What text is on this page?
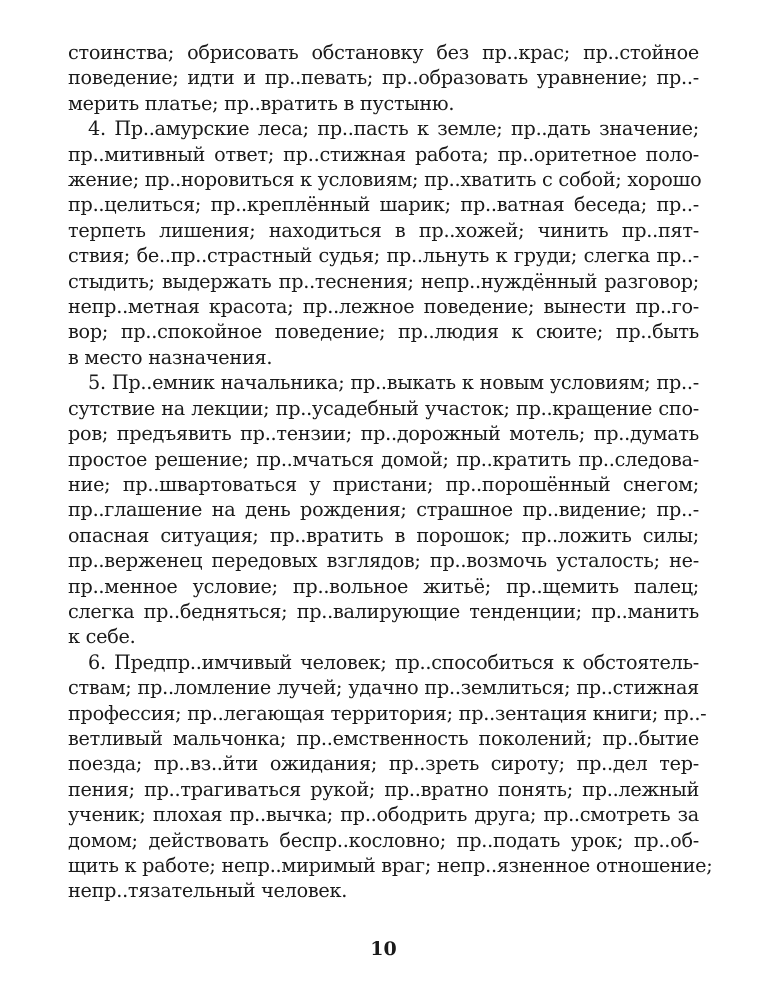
стоинства; обрисовать обстановку без пр..крас; пр..стойное
поведение; идти и пр..певать; пр..образовать уравнение; пр..-
мерить платье; пр..вратить в пустыню.
4. Пр..амурские леса; пр..пасть к земле; пр..дать значение;
пр..митивный ответ; пр..стижная работа; пр..оритетное поло-
жение; пр..норовиться к условиям; пр..хватить с собой; хорошо
пр..целиться; пр..креплённый шарик; пр..ватная беседа; пр..-
терпеть лишения; находиться в пр..хожей; чинить пр..пят-
ствия; бе..пр..страстный судья; пр..льнуть к груди; слегка пр..-
стыдить; выдержать пр..теснения; непр..нуждённый разговор;
непр..метная красота; пр..лежное поведение; вынести пр..го-
вор; пр..спокойное поведение; пр..людия к сюите; пр..быть
в место назначения.
5. Пр..емник начальника; пр..выкать к новым условиям; пр..-
сутствие на лекции; пр..усадебный участок; пр..кращение спо-
ров; предъявить пр..тензии; пр..дорожный мотель; пр..думать
простое решение; пр..мчаться домой; пр..кратить пр..следова-
ние; пр..швартоваться у пристани; пр..порошённый снегом;
пр..глашение на день рождения; страшное пр..видение; пр..-
опасная ситуация; пр..вратить в порошок; пр..ложить силы;
пр..верженец передовых взглядов; пр..возмочь усталость; не-
пр..менное условие; пр..вольное житьё; пр..щемить палец;
слегка пр..бедняться; пр..валирующие тенденции; пр..манить
к себе.
6. Предпр..имчивый человек; пр..способиться к обстоятель-
ствам; пр..ломление лучей; удачно пр..землиться; пр..стижная
профессия; пр..легающая территория; пр..зентация книги; пр..-
ветливый мальчонка; пр..емственность поколений; пр..бытие
поезда; пр..вз..йти ожидания; пр..зреть сироту; пр..дел тер-
пения; пр..трагиваться рукой; пр..вратно понять; пр..лежный
ученик; плохая пр..вычка; пр..ободрить друга; пр..смотреть за
домом; действовать беспр..кословно; пр..подать урок; пр..об-
щить к работе; непр..миримый враг; непр..язненное отношение;
непр..тязательный человек.
10
